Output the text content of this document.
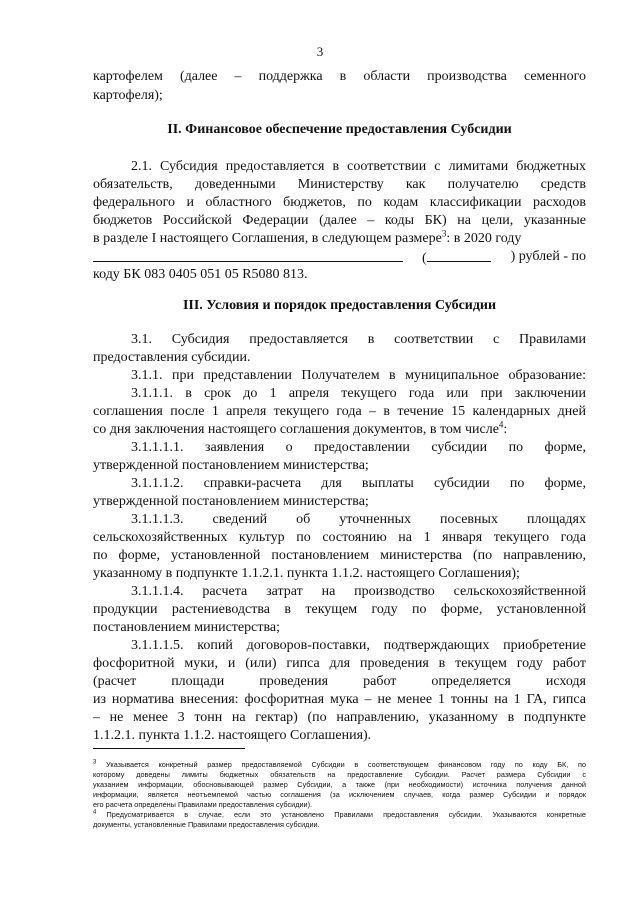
3
картофелем (далее – поддержка в области производства семенного
картофеля);
II. Финансовое обеспечение предоставления Субсидии
2.1. Субсидия предоставляется в соответствии с лимитами бюджетных
обязательств, доведенными Министерству как получателю средств
федерального и областного бюджетов, по кодам классификации расходов
бюджетов Российской Федерации (далее – коды БК) на цели, указанные
в разделе I настоящего Соглашения, в следующем размере$^3$: в 2020 году
(	) рублей - по
коду БК 083 0405 051 05 R5080 813.
III. Условия и порядок предоставления Субсидии
3.1. Субсидия предоставляется в соответствии с Правилами
предоставления субсидии.
3.1.1. при представлении Получателем в муниципальное образование:
3.1.1.1. в срок до 1 апреля текущего года или при заключении
соглашения после 1 апреля текущего года – в течение 15 календарных дней
со дня заключения настоящего соглашения документов, в том числе$^4$:
3.1.1.1.1. заявления о предоставлении субсидии по форме,
утвержденной постановлением министерства;
3.1.1.1.2. справки-расчета для выплаты субсидии по форме,
утвержденной постановлением министерства;
3.1.1.1.3. сведений об уточненных посевных площадях
сельскохозяйственных культур по состоянию на 1 января текущего года
по форме, установленной постановлением министерства (по направлению,
указанному в подпункте 1.1.2.1. пункта 1.1.2. настоящего Соглашения);
3.1.1.1.4. расчета затрат на производство сельскохозяйственной
продукции растениеводства в текущем году по форме, установленной
постановлением министерства;
3.1.1.1.5. копий договоров-поставки, подтверждающих приобретение
фосфоритной муки, и (или) гипса для проведения в текущем году работ
(расчет площади проведения работ определяется исходя
из норматива внесения: фосфоритная мука – не менее 1 тонны на 1 ГА, гипса
– не менее 3 тонн на гектар) (по направлению, указанному в подпункте
1.1.2.1. пункта 1.1.2. настоящего Соглашения).
$^3$ Указывается конкретный размер предоставляемой Субсидии в соответствующем финансовом году по коду БК, по
которому доведены лимиты бюджетных обязательств на предоставление Субсидии. Расчет размера Субсидии с
указанием информации, обосновывающей размер Субсидии, а также (при необходимости) источника получения данной
информации, является неотъемлемой частью соглашения (за исключением случаев, когда размер Субсидии и порядок
его расчета определены Правилами предоставления субсидии).
$^4$ Предусматривается в случае, если это установлено Правилами предоставления субсидии. Указываются конкретные
документы, установленные Правилами предоставления субсидии.
